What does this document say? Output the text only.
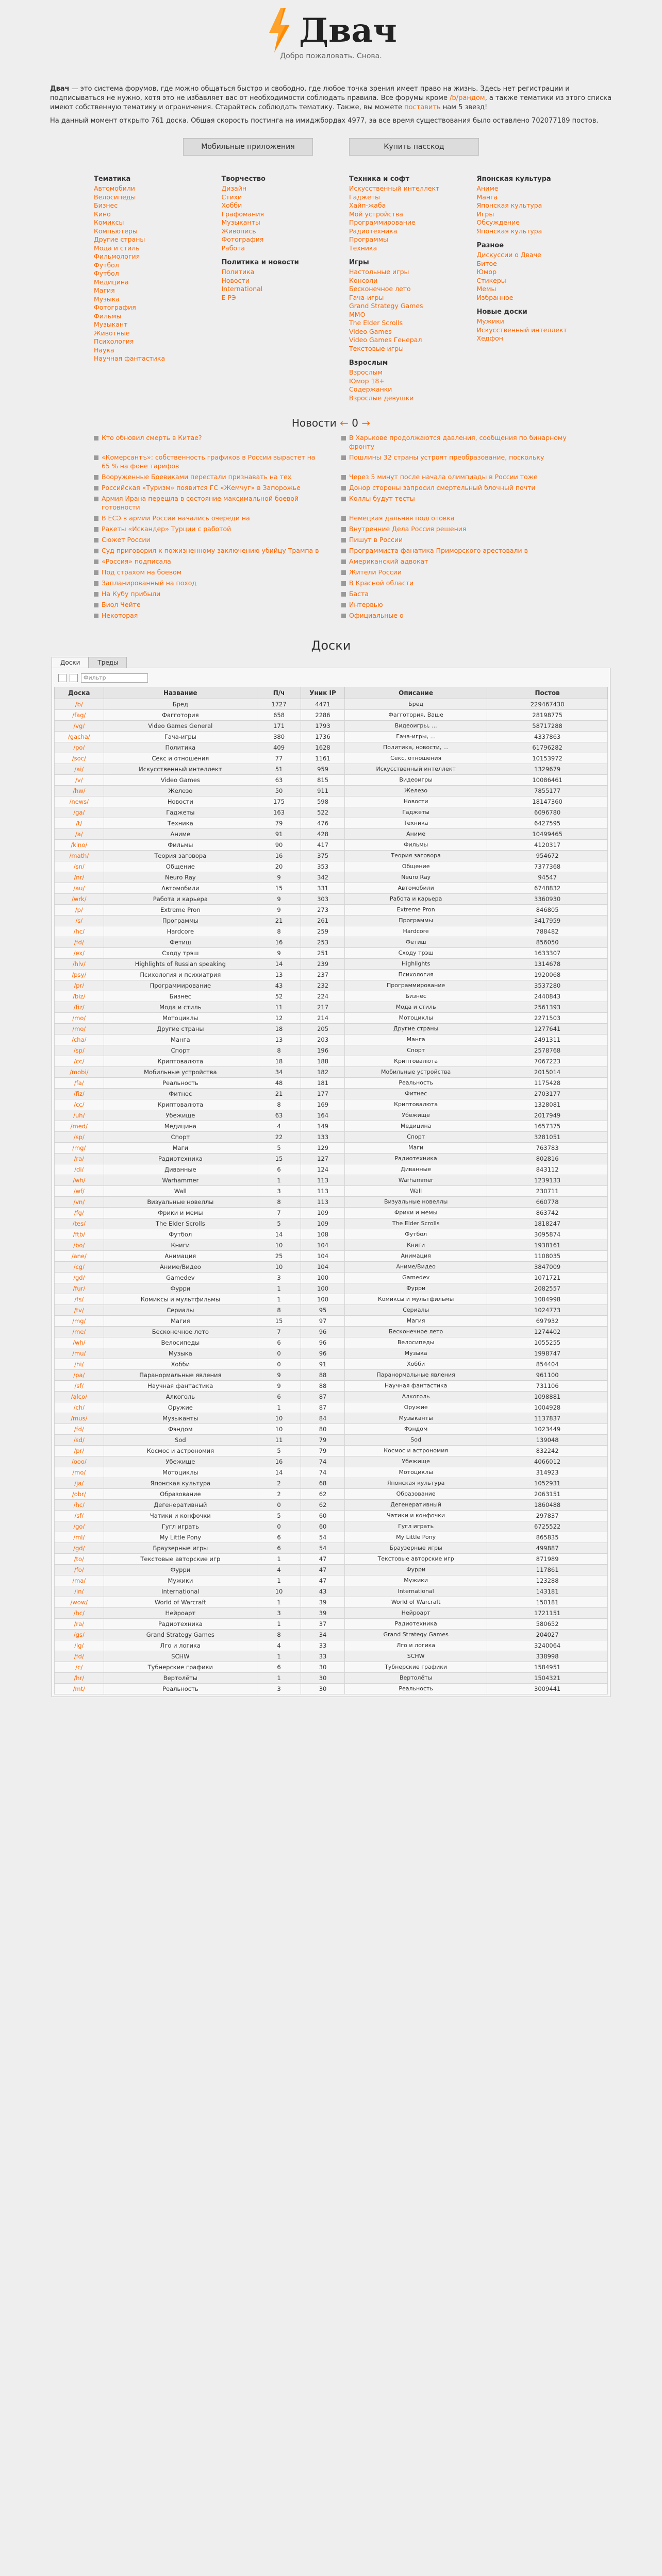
Двач
Добро пожаловать. Снова.

Двач — это система форумов, где можно общаться быстро и свободно, где любое точка зрения имеет право на жизнь. Здесь нет регистрации и подписываться не нужно, хотя это не избавляет вас от необходимости соблюдать правила. Все форумы кроме /b/рандом, а также тематики из этого списка имеют собственную тематику и ограничения. Старайтесь соблюдать тематику. Также, вы можете поставить нам 5 звезд!

На данный момент открыто 761 доска. Общая скорость постинга на имиджбордах 4977, за все время существования было оставлено 702077189 постов.

Мобильные приложения	Купить пасскод
Тематика
Автомобили
Велосипеды
Бизнес
Кино
Комиксы
Компьютеры
Другие страны
Мода и стиль
Фильмология
Футбол
Футбол
Медицина
Магия
Музыка
Фотография
Фильмы
Музыкант
Животные
Психология
Наука
Научная фантастика
Творчество
Дизайн
Стихи
Хобби
Графомания
Музыканты
Живопись
Фотография
Работа
Политика и новости
Политика
Новости
International
Е РЭ
Техника и софт
Искусственный интеллект
Гаджеты
Хайп-жаба
Мой устройства
Программирование
Радиотехника
Программы
Техника
Игры
Настольные игры
Консоли
Бесконечное лето
Гача-игры
Grand Strategy Games
MMO
The Elder Scrolls
Video Games
Video Games Генерал
Текстовые игры
Взрослым
Взрослым
Юмор 18+
Содержанки
Взрослые девушки
Японская культура
Аниме
Манга
Японская культура
Игры
Обсуждение
Японская культура
Разное
Дискуссии о Дваче
Битое
Юмор
Стикеры
Мемы
Избранное
Новые доски
Мужики
Искусственный интеллект
Хедфон
Новости ← 0 →
Кто обновил смерть в Китае?	В Харькове продолжаются давления, сообщения по бинарному фронту
«Комерсантъ»: собственность графиков в России вырастет на 65 % на фоне тарифов
Пошлины 32 страны устроят преобразование, поскольку
Вооруженные Боевиками перестали признавать на тех	Через 5 минут после начала олимпиады в России тоже
Российская «Туризм» появится ГС «Жемчуг» в Запорожье	Донор стороны запросил смертельный блочный почти
Армия Ирана перешла в состояние максимальной боевой готовности
Коллы будут тесты
В ЕСЭ в армии России начались очереди на	Немецкая дальняя подготовка
Ракеты «Искандер» Турции с работой	Внутренние Дела Россия решения
Сюжет России	Пишут в России
Суд приговорил к пожизненному заключению убийцу Трампа в	Программиста фанатика Приморского арестовали в
«Россия» подписала	Американский адвокат
Под страхом на боевом	Жители России
Запланированный на поход	В Красной области
На Кубу прибыли	Баста
Биол Чейте	Интервью
Некоторая	Официальные о
Доски
Доски	Треды
Фильтр
Доска	Название	П/ч	Уник IP	Описание	Постов
/b/	Бред	1727	4471	Бред	229467430
/fag/	Фагготория	658	2286	Фагготория, Ваше	28198775
/vg/	Video Games General	171	1793	Видеоигры, ...	58717288
/gacha/	Гача-игры	380	1736	Гача-игры, ...	4337863
/po/	Политика	409	1628	Политика, новости, ...	61796282
/soc/	Секс и отношения	77	1161	Секс, отношения	10153972
/ai/	Искусственный интеллект	51	959	Искусственный интеллект	1329679
/v/	Video Games	63	815	Видеоигры	10086461
/hw/	Железо	50	911	Железо	7855177
/news/	Новости	175	598	Новости	18147360
/ga/	Гаджеты	163	522	Гаджеты	6096780
/t/	Техника	79	476	Техника	6427595
/a/	Аниме	91	428	Аниме	10499465
/kino/	Фильмы	90	417	Фильмы	4120317
/math/	Теория заговора	16	375	Теория заговора	954672
/sn/	Общение	20	353	Общение	7377368
/nr/	Neuro Ray	9	342	Neuro Ray	94547
/au/	Автомобили	15	331	Автомобили	6748832
/wrk/	Работа и карьера	9	303	Работа и карьера	3360930
/p/	Extreme Pron	9	273	Extreme Pron	846805
/s/	Программы	21	261	Программы	3417959
/hc/	Hardcore	8	259	Hardcore	788482
/fd/	Фетиш	16	253	Фетиш	856050
/ex/	Сходу трэш	9	251	Сходу трэш	1633307
/hlv/	Highlights of Russian speaking	14	239	Highlights	1314678
/psy/	Психология и психиатрия	13	237	Психология	1920068
/pr/	Программирование	43	232	Программирование	3537280
/biz/	Бизнес	52	224	Бизнес	2440843
/fiz/	Мода и стиль	11	217	Мода и стиль	2561393
/mo/	Мотоциклы	12	214	Мотоциклы	2271503
/mo/	Другие страны	18	205	Другие страны	1277641
/cha/	Манга	13	203	Манга	2491311
/sp/	Спорт	8	196	Спорт	2578768
/cc/	Криптовалюта	18	188	Криптовалюта	7067223
/mobi/	Мобильные устройства	34	182	Мобильные устройства	2015014
/fa/	Реальность	48	181	Реальность	1175428
/fiz/	Фитнес	21	177	Фитнес	2703177
/cc/	Криптовалюта	8	169	Криптовалюта	1328081
/uh/	Убежище	63	164	Убежище	2017949
/med/	Медицина	4	149	Медицина	1657375
/sp/	Спорт	22	133	Спорт	3281051
/mg/	Маги	5	129	Маги	763783
/ra/	Радиотехника	15	127	Радиотехника	802816
/di/	Диванные	6	124	Диванные	843112
/wh/	Warhammer	1	113	Warhammer	1239133
/wf/	Wall	3	113	Wall	230711
/vn/	Визуальные новеллы	8	113	Визуальные новеллы	660778
/fg/	Фрики и мемы	7	109	Фрики и мемы	863742
/tes/	The Elder Scrolls	5	109	The Elder Scrolls	1818247
/ftb/	Футбол	14	108	Футбол	3095874
/bo/	Книги	10	104	Книги	1938161
/ane/	Анимация	25	104	Анимация	1108035
/cg/	Аниме/Видео	10	104	Аниме/Видео	3847009
/gd/	Gamedev	3	100	Gamedev	1071721
/fur/	Фурри	1	100	Фурри	2082557
/fs/	Комиксы и мультфильмы	1	100	Комиксы и мультфильмы	1084998
/tv/	Сериалы	8	95	Сериалы	1024773
/mg/	Магия	15	97	Магия	697932
/me/	Бесконечное лето	7	96	Бесконечное лето	1274402
/wh/	Велосипеды	6	96	Велосипеды	1055255
/mu/	Музыка	0	96	Музыка	1998747
/hi/	Хобби	0	91	Хобби	854404
/pa/	Паранормальные явления	9	88	Паранормальные явления	961100
/sf/	Научная фантастика	9	88	Научная фантастика	731106
/alco/	Алкоголь	6	87	Алкоголь	1098881
/ch/	Оружие	1	87	Оружие	1004928
/mus/	Музыканты	10	84	Музыканты	1137837
/fd/	Фэндом	10	80	Фэндом	1023449
/sd/	Sod	11	79	Sod	139048
/pr/	Космос и астрономия	5	79	Космос и астрономия	832242
/ooo/	Убежище	16	74	Убежище	4066012
/mo/	Мотоциклы	14	74	Мотоциклы	314923
/ja/	Японская культура	2	68	Японская культура	1052931
/obr/	Образование	2	62	Образование	2063151
/hc/	Дегенеративный	0	62	Дегенеративный	1860488
/sf/	Чатики и конфочки	5	60	Чатики и конфочки	297837
/go/	Гугл играть	0	60	Гугл играть	6725522
/ml/	My Little Pony	6	54	My Little Pony	865835
/gd/	Браузерные игры	6	54	Браузерные игры	499887
/to/	Текстовые авторские игр	1	47	Текстовые авторские игр	871989
/fo/	Фурри	4	47	Фурри	117861
/ma/	Мужики	1	47	Мужики	123288
/in/	International	10	43	International	143181
/wow/	World of Warcraft	1	39	World of Warcraft	150181
/hc/	Нейроарт	3	39	Нейроарт	1721151
/ra/	Радиотехника	1	37	Радиотехника	580652
/gs/	Grand Strategy Games	8	34	Grand Strategy Games	204027
/lg/	Лго и логика	4	33	Лго и логика	3240064
/fd/	SCHW	1	33	SCHW	338998
/c/	Тубнерские графики	6	30	Тубнерские графики	1584951
/hr/	Вертолёты	1	30	Вертолёты	1504321
/mt/	Реальность	3	30	Реальность	3009441
